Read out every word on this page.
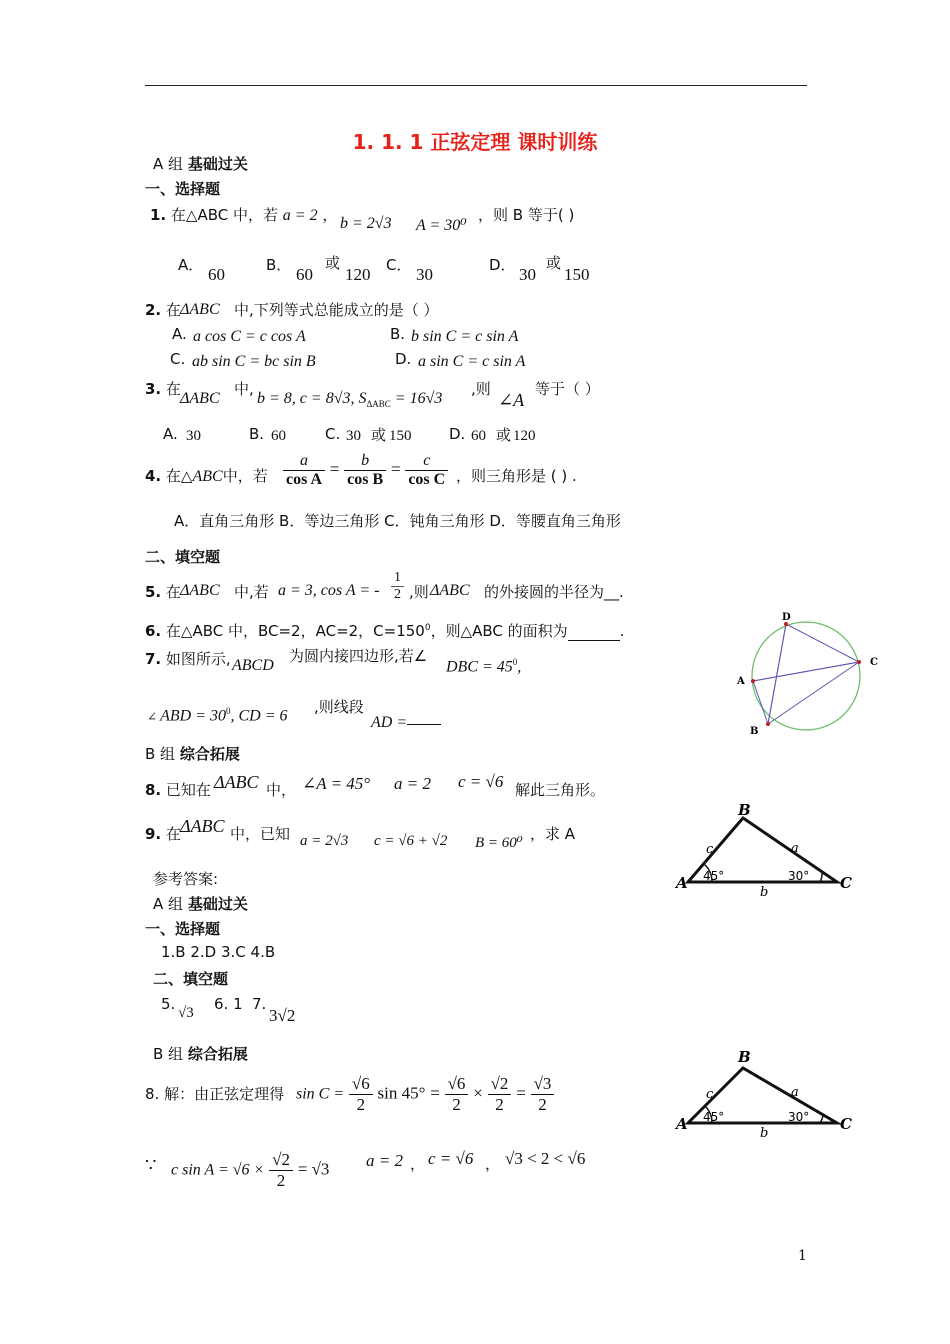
1. 1. 1 正弦定理 课时训练
A 组 基础过关
一、选择题
1. 在△ABC 中，若 a = 2 ， b = 2√3 A = 30⁰
，则 B 等于( )
A． 60	B． 60
或
120 C． 30	D． 30
或
150
2. 在 ΔABC 中,下列等式总能成立的是（ ）
A. a cos C = c cos A	B. b sin C = c sin A
C. ab sin C = bc sin B	D. a sin C = c sin A
3. 在
ΔABC
中,
b = 8, c = 8√3, $S_{\Delta ABC} = 16√3$
,则
∠A
等于（ ）
A. 30	B. 60	C. 30 或 150	D. 60 或 120
4. 在△ABC中，若 $\frac{a}{\text{cos A}} = \frac{b}{\text{cos B}} = \frac{c}{\text{cos C}}$ ，则三角形是 ( ) .
A．直角三角形 B．等边三角形 C．钝角三角形 D．等腰直角三角形
二、填空题
5. 在 ΔABC 中,若 a = 3, cos A = - $\frac{1}{2}$ ,则 ΔABC 的外接圆的半径为__.
6. 在△ABC 中，BC=2，AC=2，$C=150^0$，则△ABC 的面积为	.
7. 如图所示, ABCD
为圆内接四边形,若∠
DBC = $45^0$,
∠ ABD = $30^0$, CD = 6 ,则线段
AD =
D
C
A
B
B 组 综合拓展
8. 已知在 ΔABC 中， ∠A = 45° a = 2 c = √6 解此三角形。
9. 在 ΔABC 中，已知 a = 2√3 c = √6 + √2 B = 60⁰ ，求 A
A
B
C
c	a
b
45°	30°
参考答案:
A 组 基础过关
一、选择题
1.B 2.D 3.C 4.B
二、填空题
5. √3 6. 1 7.
3√2
B 组 综合拓展
8. 解：由正弦定理得 $\sin C = \frac{√6}{2}$ $\sin 45^\circ = \frac{√6}{2} \times \frac{√2}{2} = \frac{√3}{2}$
∵ c $\sin A = √6 \times \frac{√2}{2} = √3$ a = 2 ， c = √6 ， √3 < 2 < √6
A
B
C
c	a
b
45°	30°
1
